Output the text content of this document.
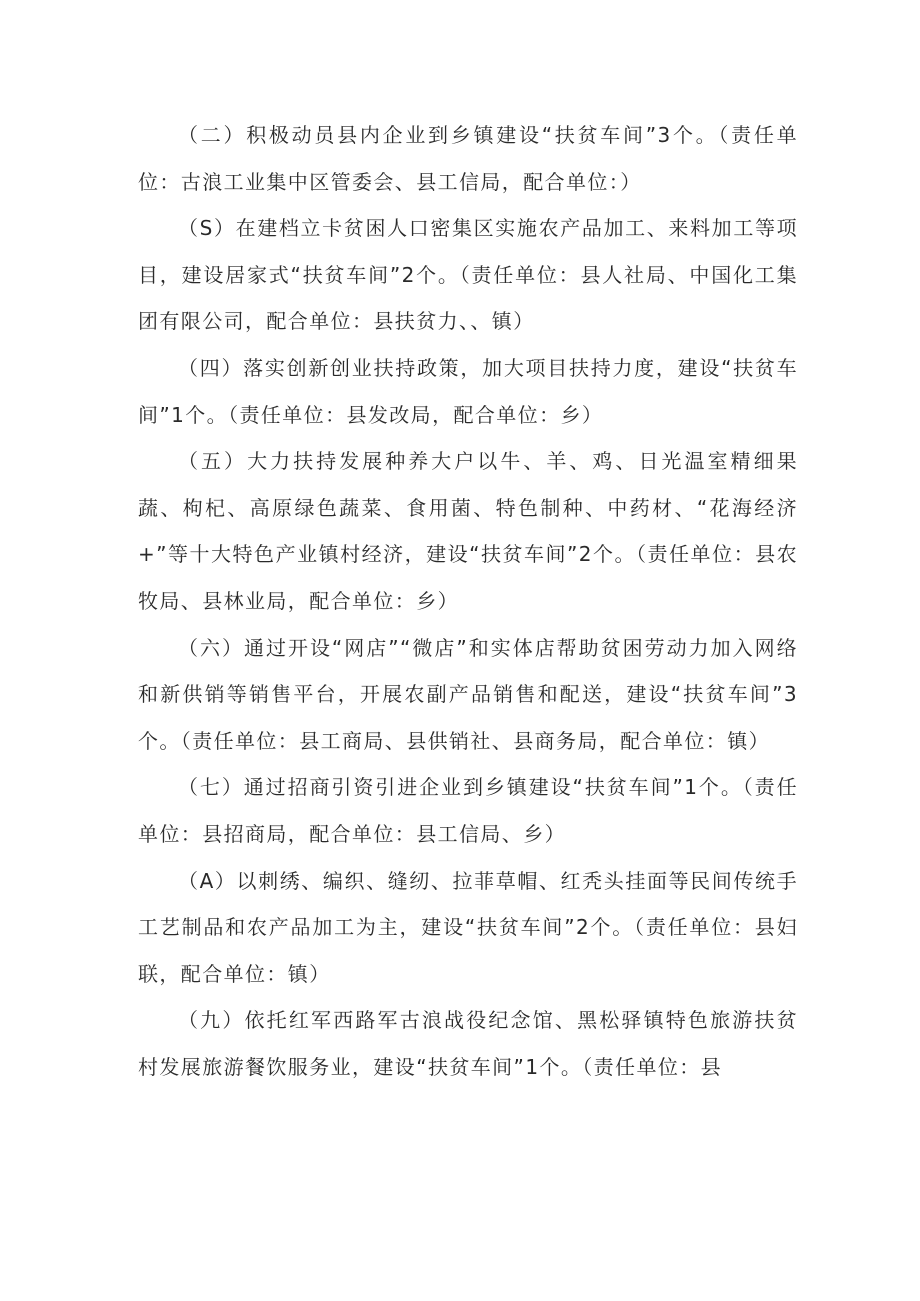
（二）积极动员县内企业到乡镇建设“扶贫车间”3个。（责任单位：古浪工业集中区管委会、县工信局，配合单位：）

（S）在建档立卡贫困人口密集区实施农产品加工、来料加工等项目，建设居家式“扶贫车间”2个。（责任单位：县人社局、中国化工集团有限公司，配合单位：县扶贫力、、镇）

（四）落实创新创业扶持政策，加大项目扶持力度，建设“扶贫车间”1个。（责任单位：县发改局，配合单位：乡）

（五）大力扶持发展种养大户以牛、羊、鸡、日光温室精细果蔬、枸杞、高原绿色蔬菜、食用菌、特色制种、中药材、“花海经济+”等十大特色产业镇村经济，建设“扶贫车间”2个。（责任单位：县农牧局、县林业局，配合单位：乡）

（六）通过开设“网店”“微店”和实体店帮助贫困劳动力加入网络和新供销等销售平台，开展农副产品销售和配送，建设“扶贫车间”3个。（责任单位：县工商局、县供销社、县商务局，配合单位：镇）

（七）通过招商引资引进企业到乡镇建设“扶贫车间”1个。（责任单位：县招商局，配合单位：县工信局、乡）

（A）以刺绣、编织、缝纫、拉菲草帽、红秃头挂面等民间传统手工艺制品和农产品加工为主，建设“扶贫车间”2个。（责任单位：县妇联，配合单位：镇）

（九）依托红军西路军古浪战役纪念馆、黑松驿镇特色旅游扶贫村发展旅游餐饮服务业，建设“扶贫车间”1个。（责任单位：县
